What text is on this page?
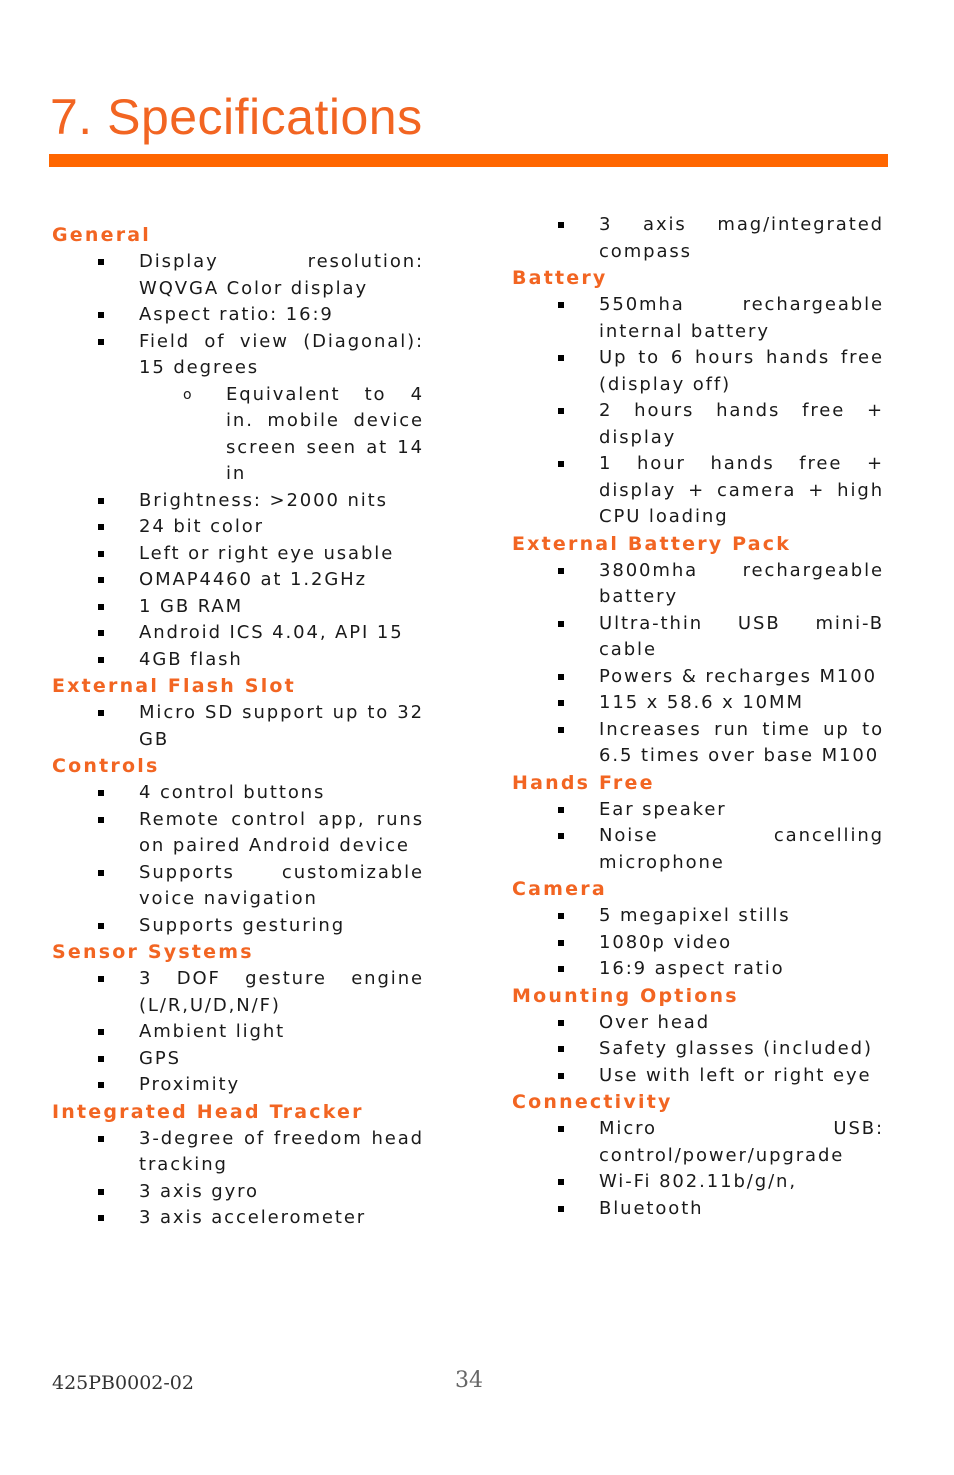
7. Specifications
General
Display resolution: WQVGA Color display
Aspect ratio: 16:9
Field of view (Diagonal): 15 degrees
o Equivalent to 4 in. mobile device screen seen at 14 in
Brightness: >2000 nits
24 bit color
Left or right eye usable
OMAP4460 at 1.2GHz
1 GB RAM
Android ICS 4.04, API 15
4GB flash
External Flash Slot
Micro SD support up to 32 GB
Controls
4 control buttons
Remote control app, runs on paired Android device
Supports customizable voice navigation
Supports gesturing
Sensor Systems
3 DOF gesture engine (L/R,U/D,N/F)
Ambient light
GPS
Proximity
Integrated Head Tracker
3-degree of freedom head tracking
3 axis gyro
3 axis accelerometer
3 axis mag/integrated compass
Battery
550mha rechargeable internal battery
Up to 6 hours hands free (display off)
2 hours hands free + display
1 hour hands free + display + camera + high CPU loading
External Battery Pack
3800mha rechargeable battery
Ultra-thin USB mini-B cable
Powers & recharges M100
115 x 58.6 x 10MM
Increases run time up to 6.5 times over base M100
Hands Free
Ear speaker
Noise cancelling microphone
Camera
5 megapixel stills
1080p video
16:9 aspect ratio
Mounting Options
Over head
Safety glasses (included)
Use with left or right eye
Connectivity
Micro USB: control/power/upgrade
Wi-Fi 802.11b/g/n,
Bluetooth
425PB0002-02	34
